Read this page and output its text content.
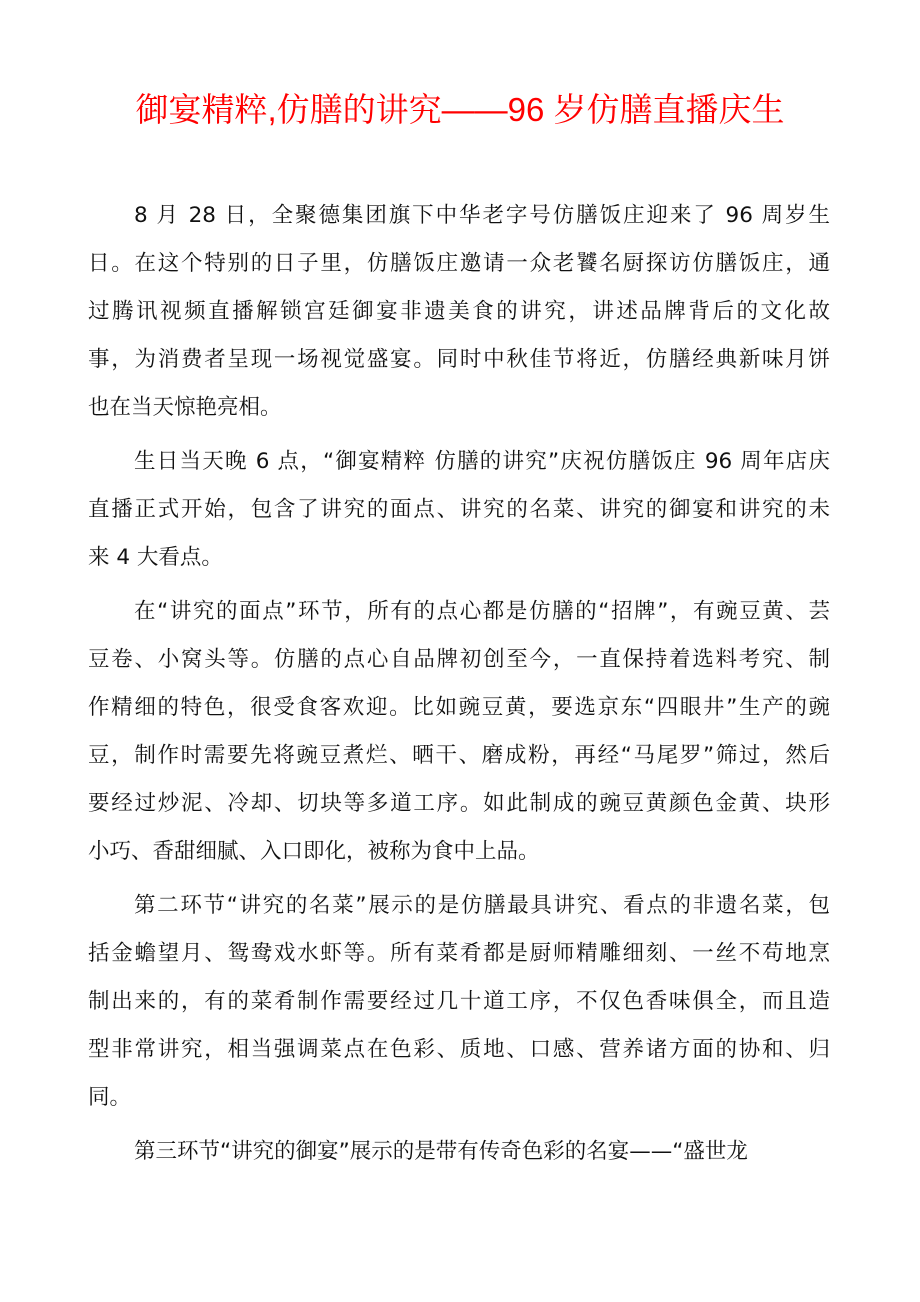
御宴精粹,仿膳的讲究——96 岁仿膳直播庆生
8 月 28 日，全聚德集团旗下中华老字号仿膳饭庄迎来了 96 周岁生
日。在这个特别的日子里，仿膳饭庄邀请一众老饕名厨探访仿膳饭庄，通
过腾讯视频直播解锁宫廷御宴非遗美食的讲究，讲述品牌背后的文化故
事，为消费者呈现一场视觉盛宴。同时中秋佳节将近，仿膳经典新味月饼
也在当天惊艳亮相。
生日当天晚 6 点，“御宴精粹 仿膳的讲究”庆祝仿膳饭庄 96 周年店庆
直播正式开始，包含了讲究的面点、讲究的名菜、讲究的御宴和讲究的未
来 4 大看点。
在“讲究的面点”环节，所有的点心都是仿膳的“招牌”，有豌豆黄、芸
豆卷、小窝头等。仿膳的点心自品牌初创至今，一直保持着选料考究、制
作精细的特色，很受食客欢迎。比如豌豆黄，要选京东“四眼井”生产的豌
豆，制作时需要先将豌豆煮烂、晒干、磨成粉，再经“马尾罗”筛过，然后
要经过炒泥、冷却、切块等多道工序。如此制成的豌豆黄颜色金黄、块形
小巧、香甜细腻、入口即化，被称为食中上品。
第二环节“讲究的名菜”展示的是仿膳最具讲究、看点的非遗名菜，包
括金蟾望月、鸳鸯戏水虾等。所有菜肴都是厨师精雕细刻、一丝不苟地烹
制出来的，有的菜肴制作需要经过几十道工序，不仅色香味俱全，而且造
型非常讲究，相当强调菜点在色彩、质地、口感、营养诸方面的协和、归
同。
第三环节“讲究的御宴”展示的是带有传奇色彩的名宴——“盛世龙
